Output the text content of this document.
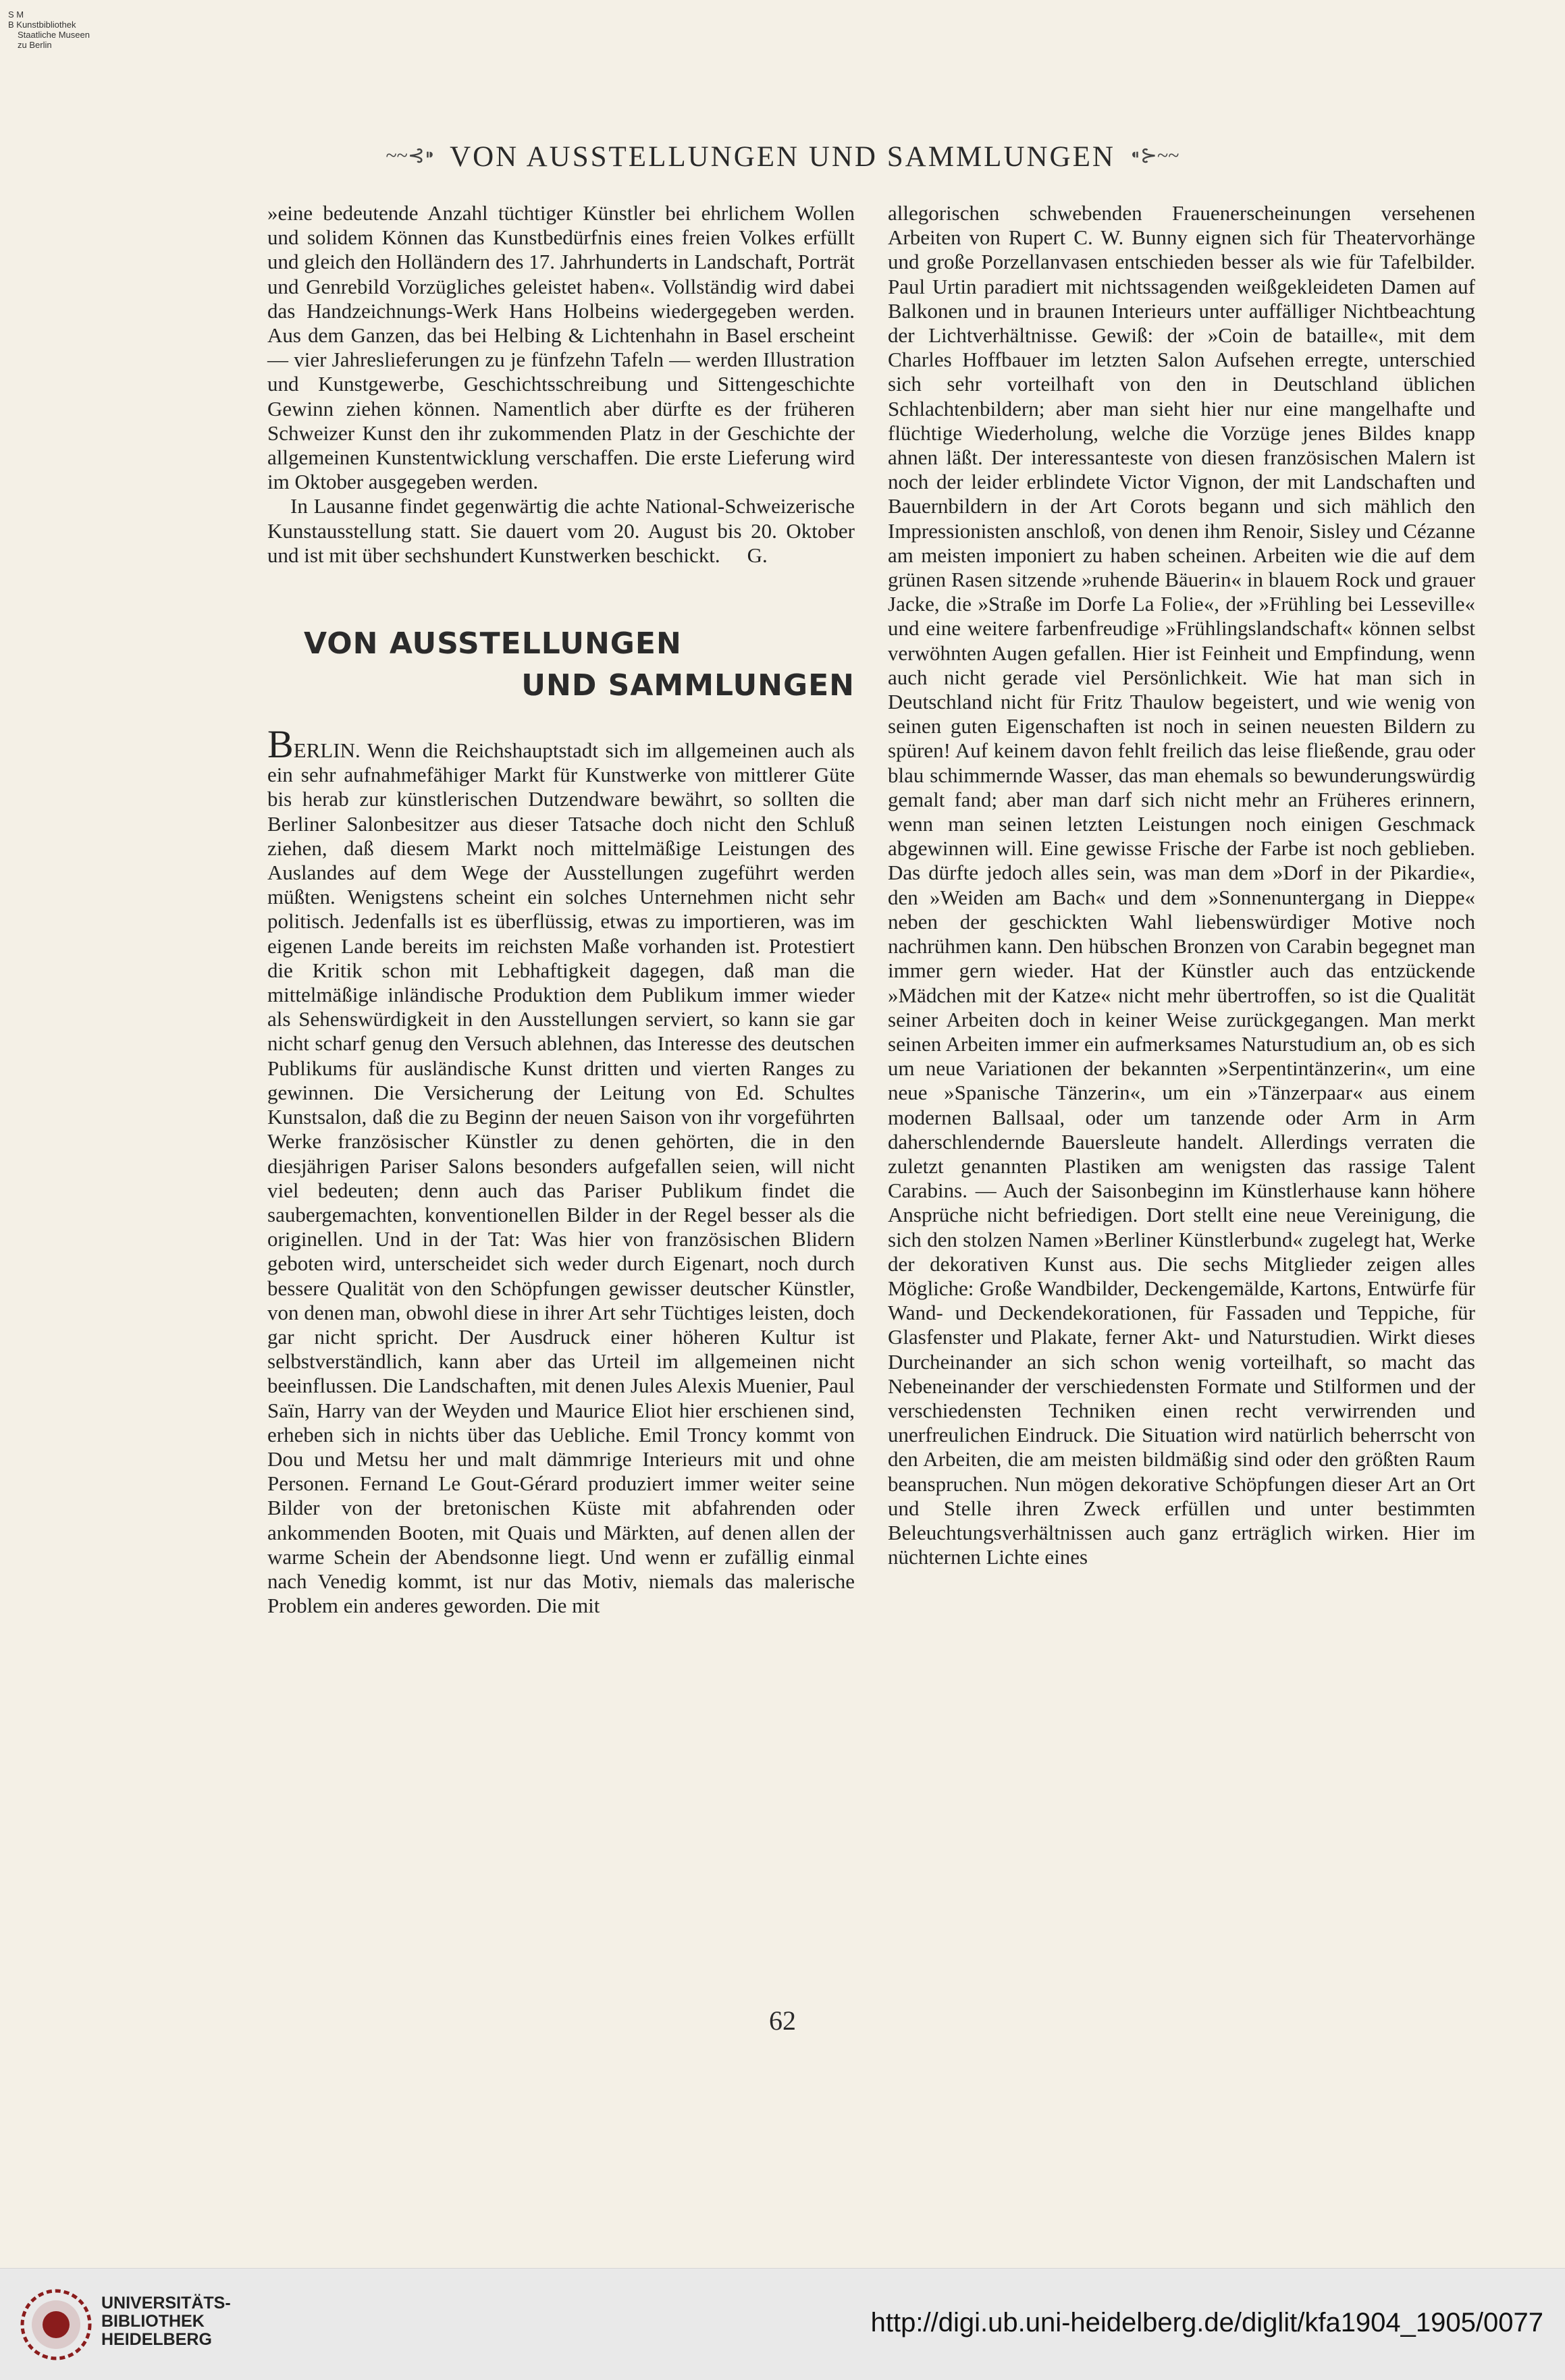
S M
B Kunstbibliothek
Staatliche Museen
zu Berlin
~~⊰⁍ VON AUSSTELLUNGEN UND SAMMLUNGEN ⁌⊱~~

»eine bedeutende Anzahl tüchtiger Künstler bei ehrlichem Wollen und solidem Können das Kunstbedürfnis eines freien Volkes erfüllt und gleich den Holländern des 17. Jahrhunderts in Landschaft, Porträt und Genrebild Vorzügliches geleistet haben«. Vollständig wird dabei das Handzeichnungs-Werk Hans Holbeins wiedergegeben werden. Aus dem Ganzen, das bei Helbing & Lichtenhahn in Basel erscheint — vier Jahreslieferungen zu je fünfzehn Tafeln — werden Illustration und Kunstgewerbe, Geschichtsschreibung und Sittengeschichte Gewinn ziehen können. Namentlich aber dürfte es der früheren Schweizer Kunst den ihr zukommenden Platz in der Geschichte der allgemeinen Kunstentwicklung verschaffen. Die erste Lieferung wird im Oktober ausgegeben werden.

In Lausanne findet gegenwärtig die achte National-Schweizerische Kunstausstellung statt. Sie dauert vom 20. August bis 20. Oktober und ist mit über sechshundert Kunstwerken beschickt. G.

VON AUSSTELLUNGEN
UND SAMMLUNGEN

BERLIN. Wenn die Reichshauptstadt sich im allgemeinen auch als ein sehr aufnahmefähiger Markt für Kunstwerke von mittlerer Güte bis herab zur künstlerischen Dutzendware bewährt, so sollten die Berliner Salonbesitzer aus dieser Tatsache doch nicht den Schluß ziehen, daß diesem Markt noch mittelmäßige Leistungen des Auslandes auf dem Wege der Ausstellungen zugeführt werden müßten. Wenigstens scheint ein solches Unternehmen nicht sehr politisch. Jedenfalls ist es überflüssig, etwas zu importieren, was im eigenen Lande bereits im reichsten Maße vorhanden ist. Protestiert die Kritik schon mit Lebhaftigkeit dagegen, daß man die mittelmäßige inländische Produktion dem Publikum immer wieder als Sehenswürdigkeit in den Ausstellungen serviert, so kann sie gar nicht scharf genug den Versuch ablehnen, das Interesse des deutschen Publikums für ausländische Kunst dritten und vierten Ranges zu gewinnen. Die Versicherung der Leitung von Ed. Schultes Kunstsalon, daß die zu Beginn der neuen Saison von ihr vorgeführten Werke französischer Künstler zu denen gehörten, die in den diesjährigen Pariser Salons besonders aufgefallen seien, will nicht viel bedeuten; denn auch das Pariser Publikum findet die saubergemachten, konventionellen Bilder in der Regel besser als die originellen. Und in der Tat: Was hier von französischen Blidern geboten wird, unterscheidet sich weder durch Eigenart, noch durch bessere Qualität von den Schöpfungen gewisser deutscher Künstler, von denen man, obwohl diese in ihrer Art sehr Tüchtiges leisten, doch gar nicht spricht. Der Ausdruck einer höheren Kultur ist selbstverständlich, kann aber das Urteil im allgemeinen nicht beeinflussen. Die Landschaften, mit denen Jules Alexis Muenier, Paul Saïn, Harry van der Weyden und Maurice Eliot hier erschienen sind, erheben sich in nichts über das Uebliche. Emil Troncy kommt von Dou und Metsu her und malt dämmrige Interieurs mit und ohne Personen. Fernand Le Gout-Gérard produziert immer weiter seine Bilder von der bretonischen Küste mit abfahrenden oder ankommenden Booten, mit Quais und Märkten, auf denen allen der warme Schein der Abendsonne liegt. Und wenn er zufällig einmal nach Venedig kommt, ist nur das Motiv, niemals das malerische Problem ein anderes geworden. Die mit

allegorischen schwebenden Frauenerscheinungen versehenen Arbeiten von Rupert C. W. Bunny eignen sich für Theatervorhänge und große Porzellanvasen entschieden besser als wie für Tafelbilder. Paul Urtin paradiert mit nichtssagenden weißgekleideten Damen auf Balkonen und in braunen Interieurs unter auffälliger Nichtbeachtung der Lichtverhältnisse. Gewiß: der »Coin de bataille«, mit dem Charles Hoffbauer im letzten Salon Aufsehen erregte, unterschied sich sehr vorteilhaft von den in Deutschland üblichen Schlachtenbildern; aber man sieht hier nur eine mangelhafte und flüchtige Wiederholung, welche die Vorzüge jenes Bildes knapp ahnen läßt. Der interessanteste von diesen französischen Malern ist noch der leider erblindete Victor Vignon, der mit Landschaften und Bauernbildern in der Art Corots begann und sich mählich den Impressionisten anschloß, von denen ihm Renoir, Sisley und Cézanne am meisten imponiert zu haben scheinen. Arbeiten wie die auf dem grünen Rasen sitzende »ruhende Bäuerin« in blauem Rock und grauer Jacke, die »Straße im Dorfe La Folie«, der »Frühling bei Lesseville« und eine weitere farbenfreudige »Frühlingslandschaft« können selbst verwöhnten Augen gefallen. Hier ist Feinheit und Empfindung, wenn auch nicht gerade viel Persönlichkeit. Wie hat man sich in Deutschland nicht für Fritz Thaulow begeistert, und wie wenig von seinen guten Eigenschaften ist noch in seinen neuesten Bildern zu spüren! Auf keinem davon fehlt freilich das leise fließende, grau oder blau schimmernde Wasser, das man ehemals so bewunderungswürdig gemalt fand; aber man darf sich nicht mehr an Früheres erinnern, wenn man seinen letzten Leistungen noch einigen Geschmack abgewinnen will. Eine gewisse Frische der Farbe ist noch geblieben. Das dürfte jedoch alles sein, was man dem »Dorf in der Pikardie«, den »Weiden am Bach« und dem »Sonnenuntergang in Dieppe« neben der geschickten Wahl liebenswürdiger Motive noch nachrühmen kann. Den hübschen Bronzen von Carabin begegnet man immer gern wieder. Hat der Künstler auch das entzückende »Mädchen mit der Katze« nicht mehr übertroffen, so ist die Qualität seiner Arbeiten doch in keiner Weise zurückgegangen. Man merkt seinen Arbeiten immer ein aufmerksames Naturstudium an, ob es sich um neue Variationen der bekannten »Serpentintänzerin«, um eine neue »Spanische Tänzerin«, um ein »Tänzerpaar« aus einem modernen Ballsaal, oder um tanzende oder Arm in Arm daherschlendernde Bauersleute handelt. Allerdings verraten die zuletzt genannten Plastiken am wenigsten das rassige Talent Carabins. — Auch der Saisonbeginn im Künstlerhause kann höhere Ansprüche nicht befriedigen. Dort stellt eine neue Vereinigung, die sich den stolzen Namen »Berliner Künstlerbund« zugelegt hat, Werke der dekorativen Kunst aus. Die sechs Mitglieder zeigen alles Mögliche: Große Wandbilder, Deckengemälde, Kartons, Entwürfe für Wand- und Deckendekorationen, für Fassaden und Teppiche, für Glasfenster und Plakate, ferner Akt- und Naturstudien. Wirkt dieses Durcheinander an sich schon wenig vorteilhaft, so macht das Nebeneinander der verschiedensten Formate und Stilformen und der verschiedensten Techniken einen recht verwirrenden und unerfreulichen Eindruck. Die Situation wird natürlich beherrscht von den Arbeiten, die am meisten bildmäßig sind oder den größten Raum beanspruchen. Nun mögen dekorative Schöpfungen dieser Art an Ort und Stelle ihren Zweck erfüllen und unter bestimmten Beleuchtungsverhältnissen auch ganz erträglich wirken. Hier im nüchternen Lichte eines

62
UNIVERSITÄTS-
BIBLIOTHEK
HEIDELBERG
http://digi.ub.uni-heidelberg.de/diglit/kfa1904_1905/0077
